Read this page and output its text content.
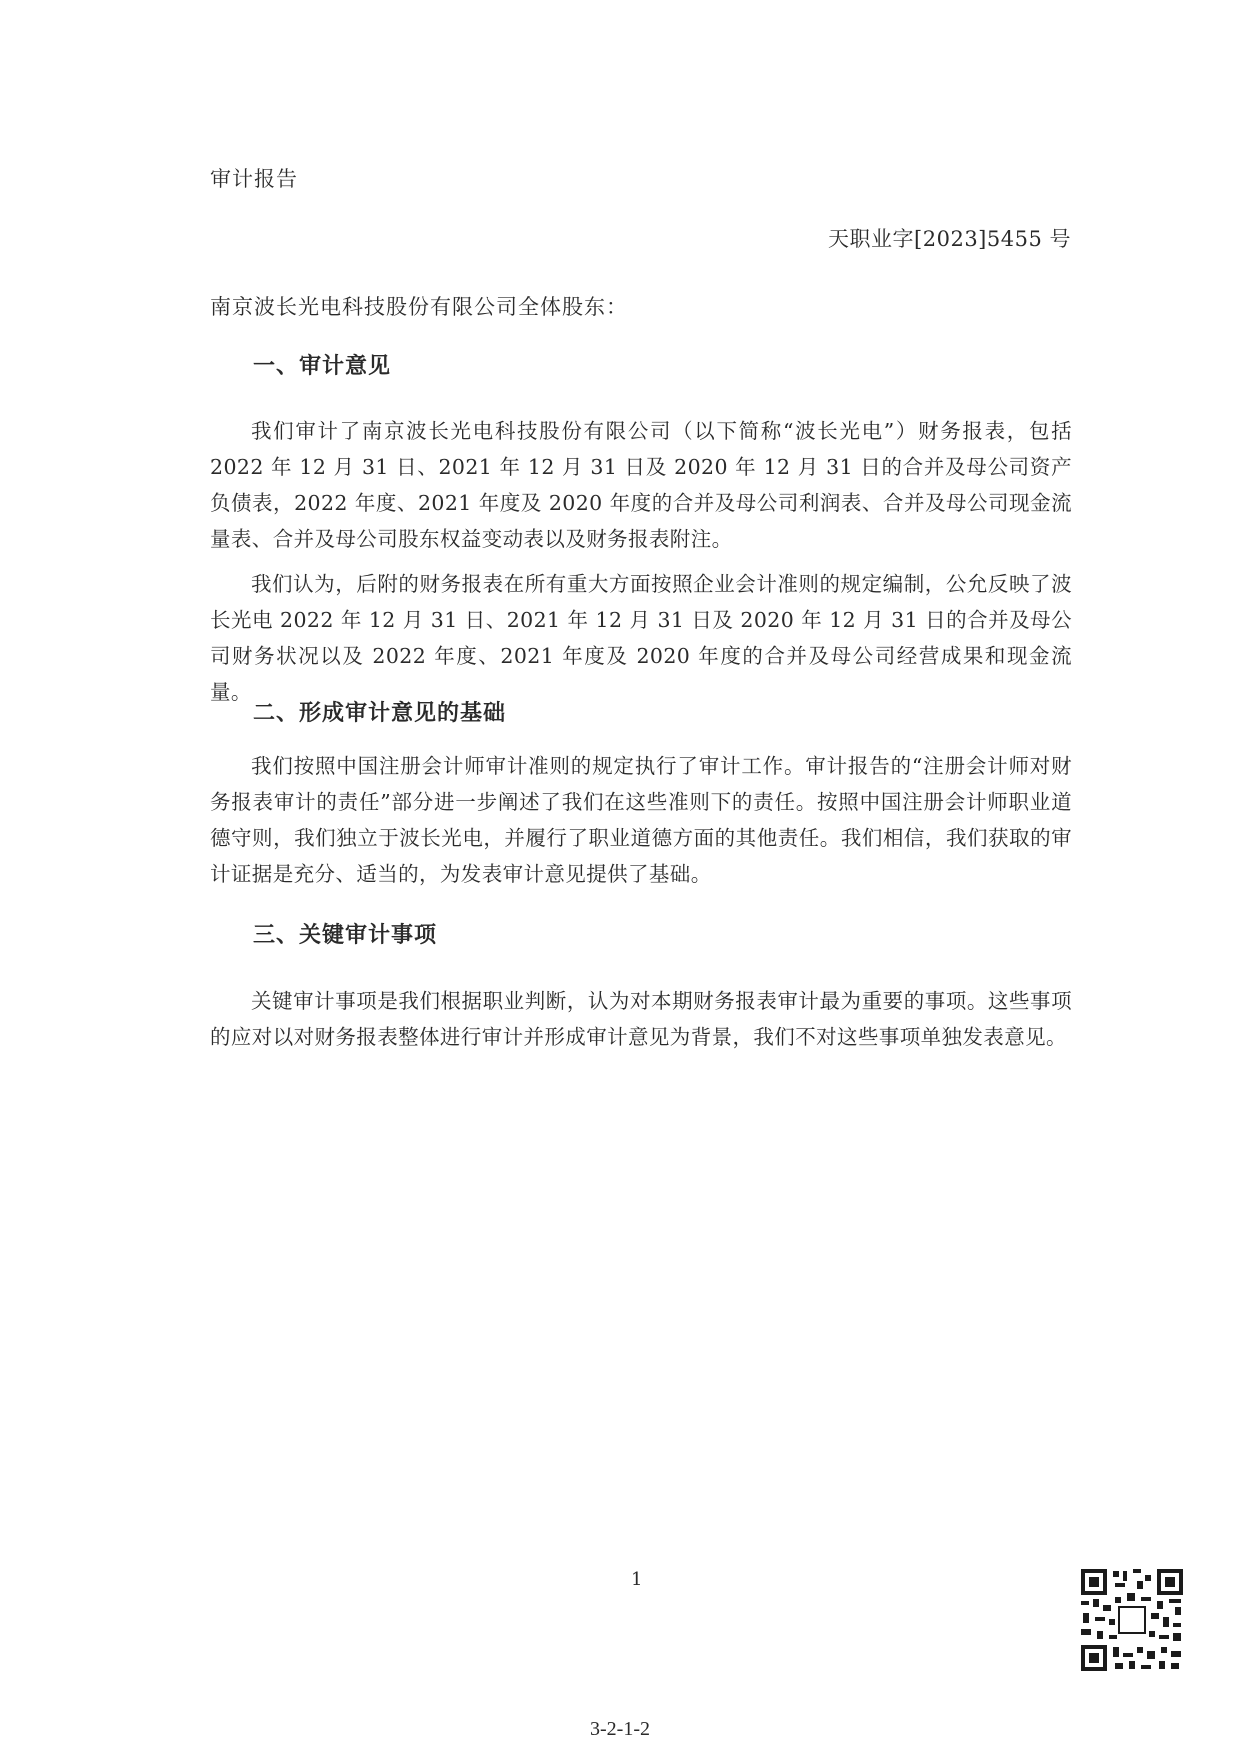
审计报告
天职业字[2023]5455 号
南京波长光电科技股份有限公司全体股东：
一、审计意见

我们审计了南京波长光电科技股份有限公司（以下简称“波长光电”）财务报表，包括 2022 年 12 月 31 日、2021 年 12 月 31 日及 2020 年 12 月 31 日的合并及母公司资产负债表，2022 年度、2021 年度及 2020 年度的合并及母公司利润表、合并及母公司现金流量表、合并及母公司股东权益变动表以及财务报表附注。

我们认为，后附的财务报表在所有重大方面按照企业会计准则的规定编制，公允反映了波长光电 2022 年 12 月 31 日、2021 年 12 月 31 日及 2020 年 12 月 31 日的合并及母公司财务状况以及 2022 年度、2021 年度及 2020 年度的合并及母公司经营成果和现金流量。

二、形成审计意见的基础

我们按照中国注册会计师审计准则的规定执行了审计工作。审计报告的“注册会计师对财务报表审计的责任”部分进一步阐述了我们在这些准则下的责任。按照中国注册会计师职业道德守则，我们独立于波长光电，并履行了职业道德方面的其他责任。我们相信，我们获取的审计证据是充分、适当的，为发表审计意见提供了基础。

三、关键审计事项

关键审计事项是我们根据职业判断，认为对本期财务报表审计最为重要的事项。这些事项的应对以对财务报表整体进行审计并形成审计意见为背景，我们不对这些事项单独发表意见。

1
3-2-1-2
